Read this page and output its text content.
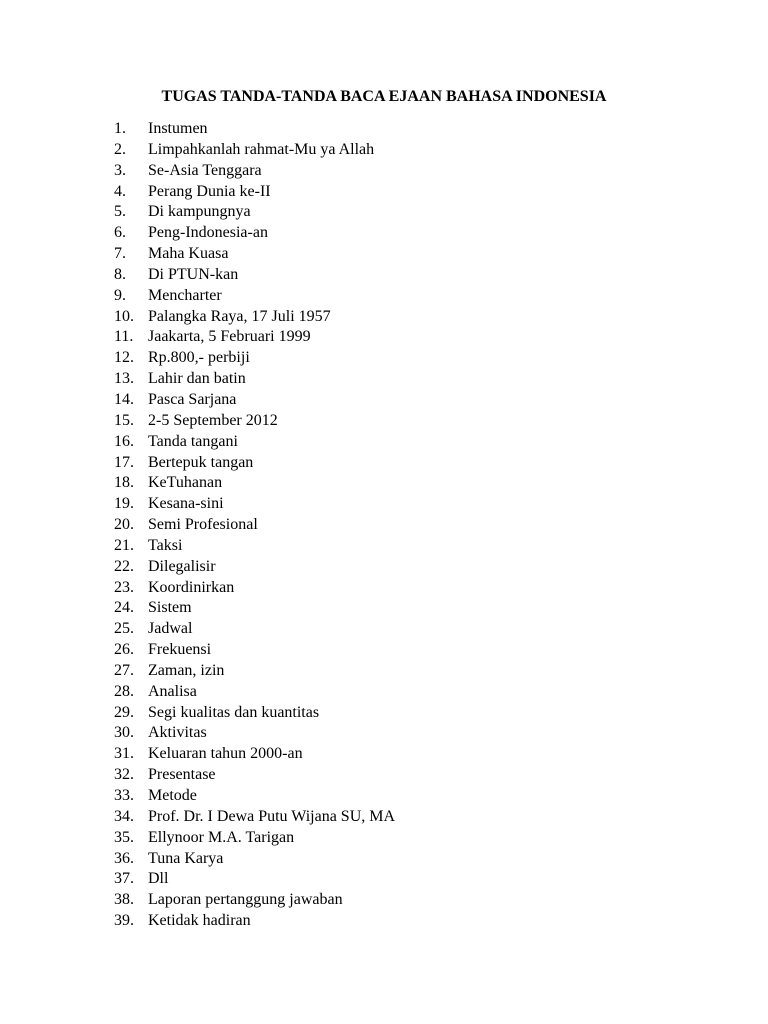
TUGAS TANDA-TANDA BACA EJAAN BAHASA INDONESIA
1.	Instumen
2.	Limpahkanlah rahmat-Mu ya Allah
3.	Se-Asia Tenggara
4.	Perang Dunia ke-II
5.	Di kampungnya
6.	Peng-Indonesia-an
7.	Maha Kuasa
8.	Di PTUN-kan
9.	Mencharter
10. Palangka Raya, 17 Juli 1957
11. Jaakarta, 5 Februari 1999
12. Rp.800,- perbiji
13. Lahir dan batin
14. Pasca Sarjana
15. 2-5 September 2012
16. Tanda tangani
17. Bertepuk tangan
18. KeTuhanan
19. Kesana-sini
20. Semi Profesional
21. Taksi
22. Dilegalisir
23. Koordinirkan
24. Sistem
25. Jadwal
26. Frekuensi
27. Zaman, izin
28. Analisa
29. Segi kualitas dan kuantitas
30. Aktivitas
31. Keluaran tahun 2000-an
32. Presentase
33. Metode
34. Prof. Dr. I Dewa Putu Wijana SU, MA
35. Ellynoor M.A. Tarigan
36. Tuna Karya
37. Dll
38. Laporan pertanggung jawaban
39. Ketidak hadiran
